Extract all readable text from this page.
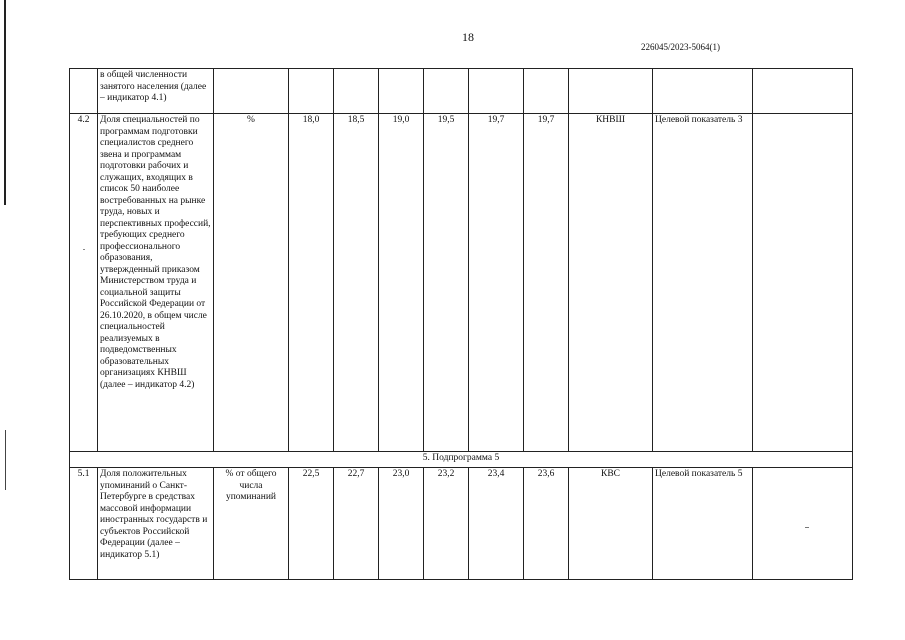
18
226045/2023-5064(1)
	в общей численности занятого населения (далее – индикатор 4.1)										
4.2	Доля специальностей по программам подготовки специалистов среднего звена и программам подготовки рабочих и служащих, входящих в список 50 наиболее востребованных на рынке труда, новых и перспективных профессий, требующих среднего профессионального образования, утвержденный приказом Министерством труда и социальной защиты Российской Федерации от 26.10.2020, в общем числе специальностей реализуемых в подведомственных образовательных организациях КНВШ (далее – индикатор 4.2)	%	18,0	18,5	19,0	19,5	19,7	19,7	КНВШ	Целевой показатель 3	
5. Подпрограмма 5											
5.1	Доля положительных упоминаний о Санкт-Петербурге в средствах массовой информации иностранных государств и субъектов Российской Федерации (далее – индикатор 5.1)	% от общего числа упоминаний	22,5	22,7	23,0	23,2	23,4	23,6	КВС	Целевой показатель 5	
